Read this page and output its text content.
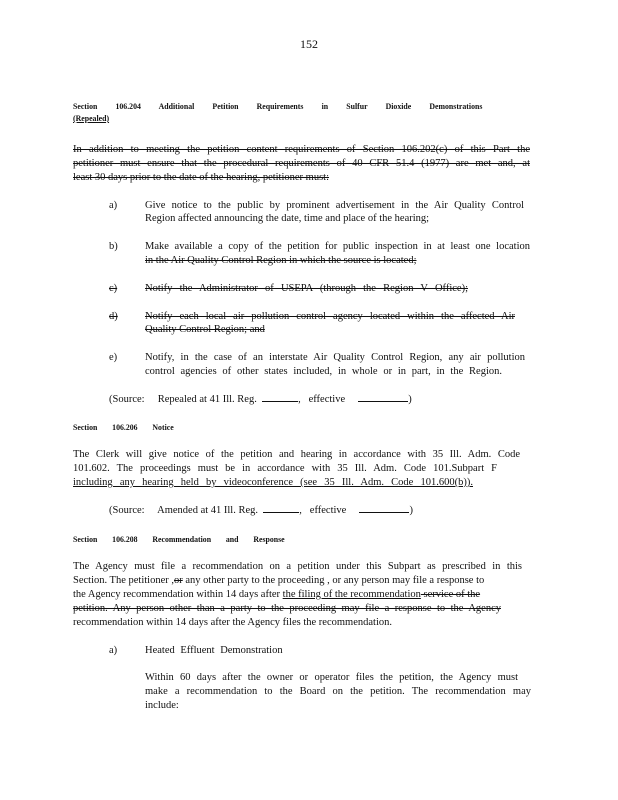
152
Section 106.204 Additional Petition Requirements in Sulfur Dioxide Demonstrations
(Repealed)
In addition to meeting the petition content requirements of Section 106.202(c) of this Part the
petitioner must ensure that the procedural requirements of 40 CFR 51.4 (1977) are met and, at
least 30 days prior to the date of the hearing, petitioner must:
a)	Give notice to the public by prominent advertisement in the Air Quality Control
Region affected announcing the date, time and place of the hearing;
b)	Make available a copy of the petition for public inspection in at least one location
in the Air Quality Control Region in which the source is located;
c)	Notify the Administrator of USEPA (through the Region V Office);
d)	Notify each local air pollution control agency located within the affected Air
Quality Control Region; and
e)	Notify, in the case of an interstate Air Quality Control Region, any air pollution
control agencies of other states included, in whole or in part, in the Region.
(Source: Repealed at 41 Ill. Reg.	,   effective	)
Section 106.206 Notice
The Clerk will give notice of the petition and hearing in accordance with 35 Ill. Adm. Code
101.602. The proceedings must be in accordance with 35 Ill. Adm. Code 101.Subpart F
including any hearing held by videoconference (see 35 Ill. Adm. Code 101.600(b)).
(Source: Amended at 41 Ill. Reg.	,   effective	)
Section 106.208 Recommendation and Response
The Agency must file a recommendation on a petition under this Subpart as prescribed in this
Section. The petitioner ,or any other party to the proceeding , or any person may file a response to
the Agency recommendation within 14 days after the filing of the recommendation service of the
petition. Any person other than a party to the proceeding may file a response to the Agency
recommendation within 14 days after the Agency files the recommendation.
a)	Heated Effluent Demonstration
Within 60 days after the owner or operator files the petition, the Agency must
make a recommendation to the Board on the petition. The recommendation may
include:
